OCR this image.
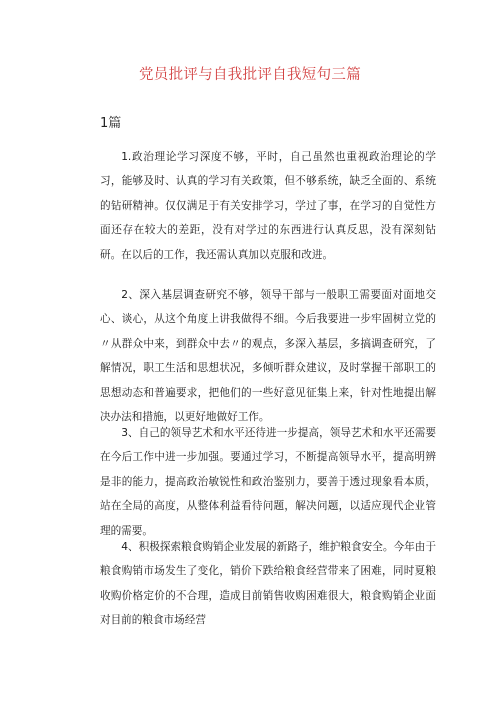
党员批评与自我批评自我短句三篇
1篇

1.政治理论学习深度不够，平时，自己虽然也重视政治理论的学习，能够及时、认真的学习有关政策，但不够系统，缺乏全面的、系统的钻研精神。仅仅满足于有关安排学习，学过了事，在学习的自觉性方面还存在较大的差距，没有对学过的东西进行认真反思，没有深刻钻研。在以后的工作，我还需认真加以克服和改进。

2、深入基层调查研究不够，领导干部与一般职工需要面对面地交心、谈心，从这个角度上讲我做得不细。今后我要进一步牢固树立党的〃从群众中来，到群众中去〃的观点，多深入基层，多搞调查研究，了解情况，职工生活和思想状况，多倾听群众建议，及时掌握干部职工的思想动态和普遍要求，把他们的一些好意见征集上来，针对性地提出解决办法和措施，以更好地做好工作。

3、自己的领导艺术和水平还待进一步提高，领导艺术和水平还需要在今后工作中进一步加强。要通过学习，不断提高领导水平，提高明辨是非的能力，提高政治敏锐性和政治鉴别力，要善于透过现象看本质，站在全局的高度，从整体利益看待问题，解决问题，以适应现代企业管理的需要。

4、积极探索粮食购销企业发展的新路子，维护粮食安全。今年由于粮食购销市场发生了变化，销价下跌给粮食经营带来了困难，同时夏粮收购价格定价的不合理，造成目前销售收购困难很大，粮食购销企业面对目前的粮食市场经营
